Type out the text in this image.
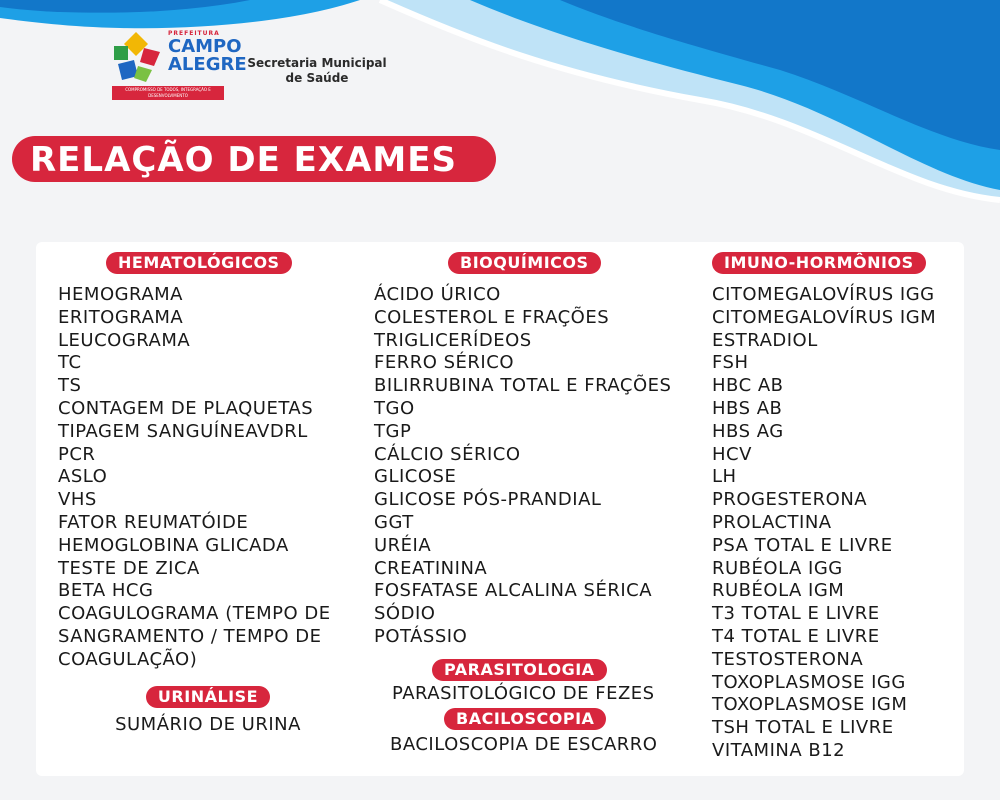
PREFEITURA
CAMPO
ALEGRE
COMPROMISSO DE TODOS, INTEGRAÇÃO E DESENVOLVIMENTO
Secretaria Municipal
de Saúde
RELAÇÃO DE EXAMES
HEMATOLÓGICOS
HEMOGRAMA
ERITOGRAMA
LEUCOGRAMA
TC
TS
CONTAGEM DE PLAQUETAS
TIPAGEM SANGUÍNEAVDRL
PCR
ASLO
VHS
FATOR REUMATÓIDE
HEMOGLOBINA GLICADA
TESTE DE ZICA
BETA HCG
COAGULOGRAMA (TEMPO DE SANGRAMENTO / TEMPO DE COAGULAÇÃO)
URINÁLISE
SUMÁRIO DE URINA
BIOQUÍMICOS
ÁCIDO ÚRICO
COLESTEROL E FRAÇÕES
TRIGLICERÍDEOS
FERRO SÉRICO
BILIRRUBINA TOTAL E FRAÇÕES
TGO
TGP
CÁLCIO SÉRICO
GLICOSE
GLICOSE PÓS-PRANDIAL
GGT
URÉIA
CREATININA
FOSFATASE ALCALINA SÉRICA
SÓDIO
POTÁSSIO
PARASITOLOGIA
PARASITOLÓGICO DE FEZES
BACILOSCOPIA
BACILOSCOPIA DE ESCARRO
IMUNO-HORMÔNIOS
CITOMEGALOVÍRUS IGG
CITOMEGALOVÍRUS IGM
ESTRADIOL
FSH
HBC AB
HBS AB
HBS AG
HCV
LH
PROGESTERONA
PROLACTINA
PSA TOTAL E LIVRE
RUBÉOLA IGG
RUBÉOLA IGM
T3 TOTAL E LIVRE
T4 TOTAL E LIVRE
TESTOSTERONA
TOXOPLASMOSE IGG
TOXOPLASMOSE IGM
TSH TOTAL E LIVRE
VITAMINA B12
